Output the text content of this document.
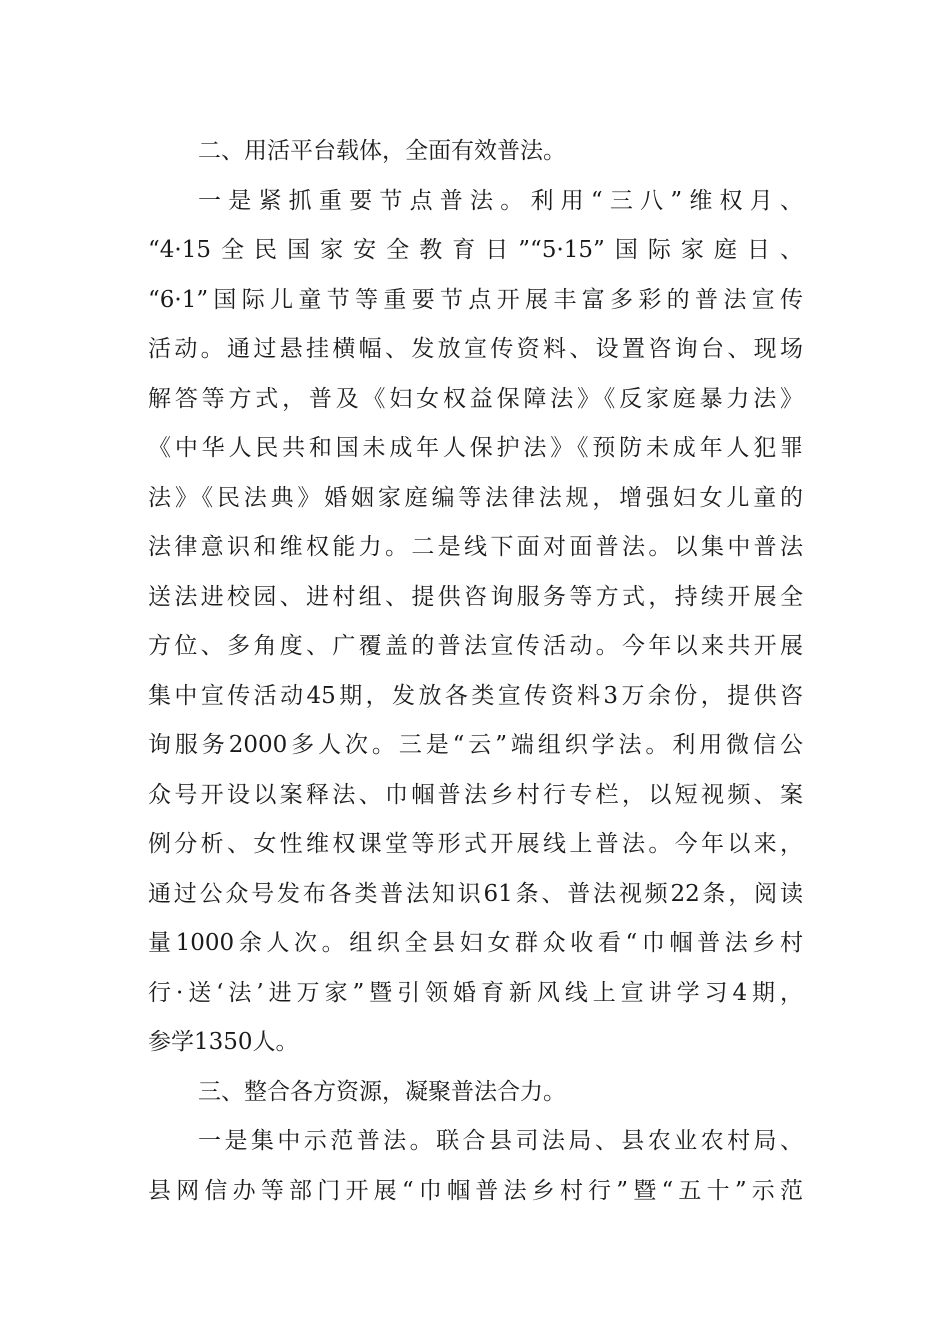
二、用活平台载体，全面有效普法。
一是紧抓重要节点普法。利用“三八”维权月、
“4·15全民国家安全教育日”“5·15”国际家庭日、
“6·1”国际儿童节等重要节点开展丰富多彩的普法宣传
活动。通过悬挂横幅、发放宣传资料、设置咨询台、现场
解答等方式，普及《妇女权益保障法》《反家庭暴力法》
《中华人民共和国未成年人保护法》《预防未成年人犯罪
法》《民法典》婚姻家庭编等法律法规，增强妇女儿童的
法律意识和维权能力。二是线下面对面普法。以集中普法
送法进校园、进村组、提供咨询服务等方式，持续开展全
方位、多角度、广覆盖的普法宣传活动。今年以来共开展
集中宣传活动45期，发放各类宣传资料3万余份，提供咨
询服务2000多人次。三是“云”端组织学法。利用微信公
众号开设以案释法、巾帼普法乡村行专栏，以短视频、案
例分析、女性维权课堂等形式开展线上普法。今年以来，
通过公众号发布各类普法知识61条、普法视频22条，阅读
量1000余人次。组织全县妇女群众收看“巾帼普法乡村
行·送‘法’进万家”暨引领婚育新风线上宣讲学习4期，
参学1350人。
三、整合各方资源，凝聚普法合力。
一是集中示范普法。联合县司法局、县农业农村局、
县网信办等部门开展“巾帼普法乡村行”暨“五十”示范
